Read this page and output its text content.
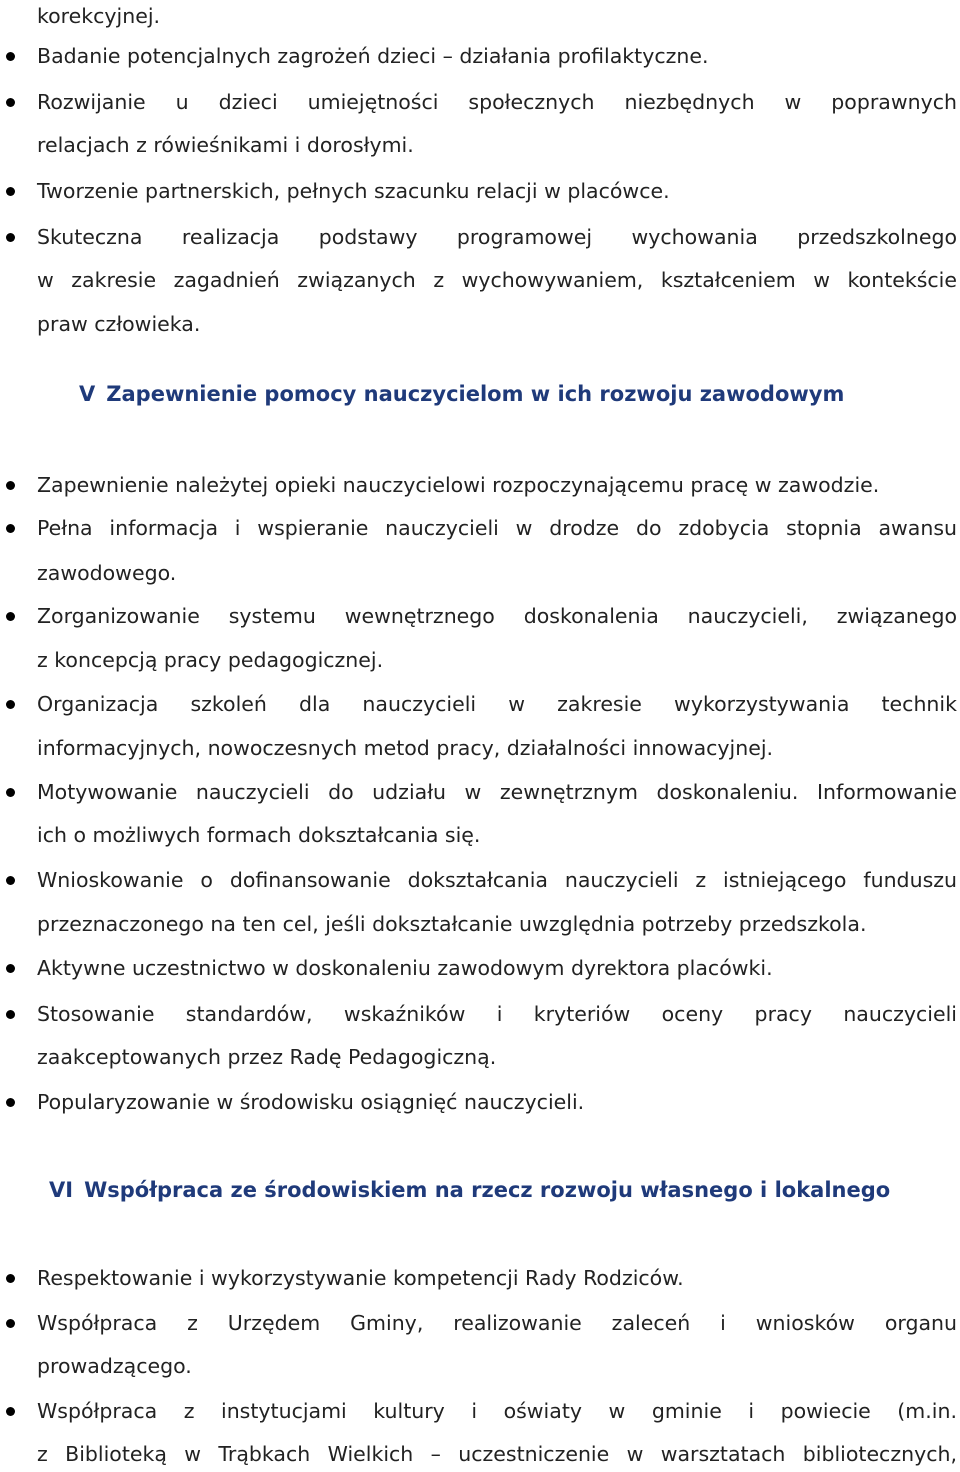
korekcyjnej.

Badanie potencjalnych zagrożeń dzieci – działania profilaktyczne.

Rozwijanie u dzieci umiejętności społecznych niezbędnych w poprawnych

relacjach z rówieśnikami i dorosłymi.

Tworzenie partnerskich, pełnych szacunku relacji w placówce.

Skuteczna realizacja podstawy programowej wychowania przedszkolnego

w zakresie zagadnień związanych z wychowywaniem, kształceniem w kontekście

praw człowieka.

V Zapewnienie pomocy nauczycielom w ich rozwoju zawodowym

Zapewnienie należytej opieki nauczycielowi rozpoczynającemu pracę w zawodzie.

Pełna informacja i wspieranie nauczycieli w drodze do zdobycia stopnia awansu

zawodowego.

Zorganizowanie systemu wewnętrznego doskonalenia nauczycieli, związanego

z koncepcją pracy pedagogicznej.

Organizacja szkoleń dla nauczycieli w zakresie wykorzystywania technik

informacyjnych, nowoczesnych metod pracy, działalności innowacyjnej.

Motywowanie nauczycieli do udziału w zewnętrznym doskonaleniu. Informowanie

ich o możliwych formach dokształcania się.

Wnioskowanie o dofinansowanie dokształcania nauczycieli z istniejącego funduszu

przeznaczonego na ten cel, jeśli dokształcanie uwzględnia potrzeby przedszkola.

Aktywne uczestnictwo w doskonaleniu zawodowym dyrektora placówki.

Stosowanie standardów, wskaźników i kryteriów oceny pracy nauczycieli

zaakceptowanych przez Radę Pedagogiczną.

Popularyzowanie w środowisku osiągnięć nauczycieli.

VI Współpraca ze środowiskiem na rzecz rozwoju własnego i lokalnego

Respektowanie i wykorzystywanie kompetencji Rady Rodziców.

Współpraca z Urzędem Gminy, realizowanie zaleceń i wniosków organu

prowadzącego.

Współpraca z instytucjami kultury i oświaty w gminie i powiecie (m.in.

z Biblioteką w Trąbkach Wielkich – uczestniczenie w warsztatach bibliotecznych,
